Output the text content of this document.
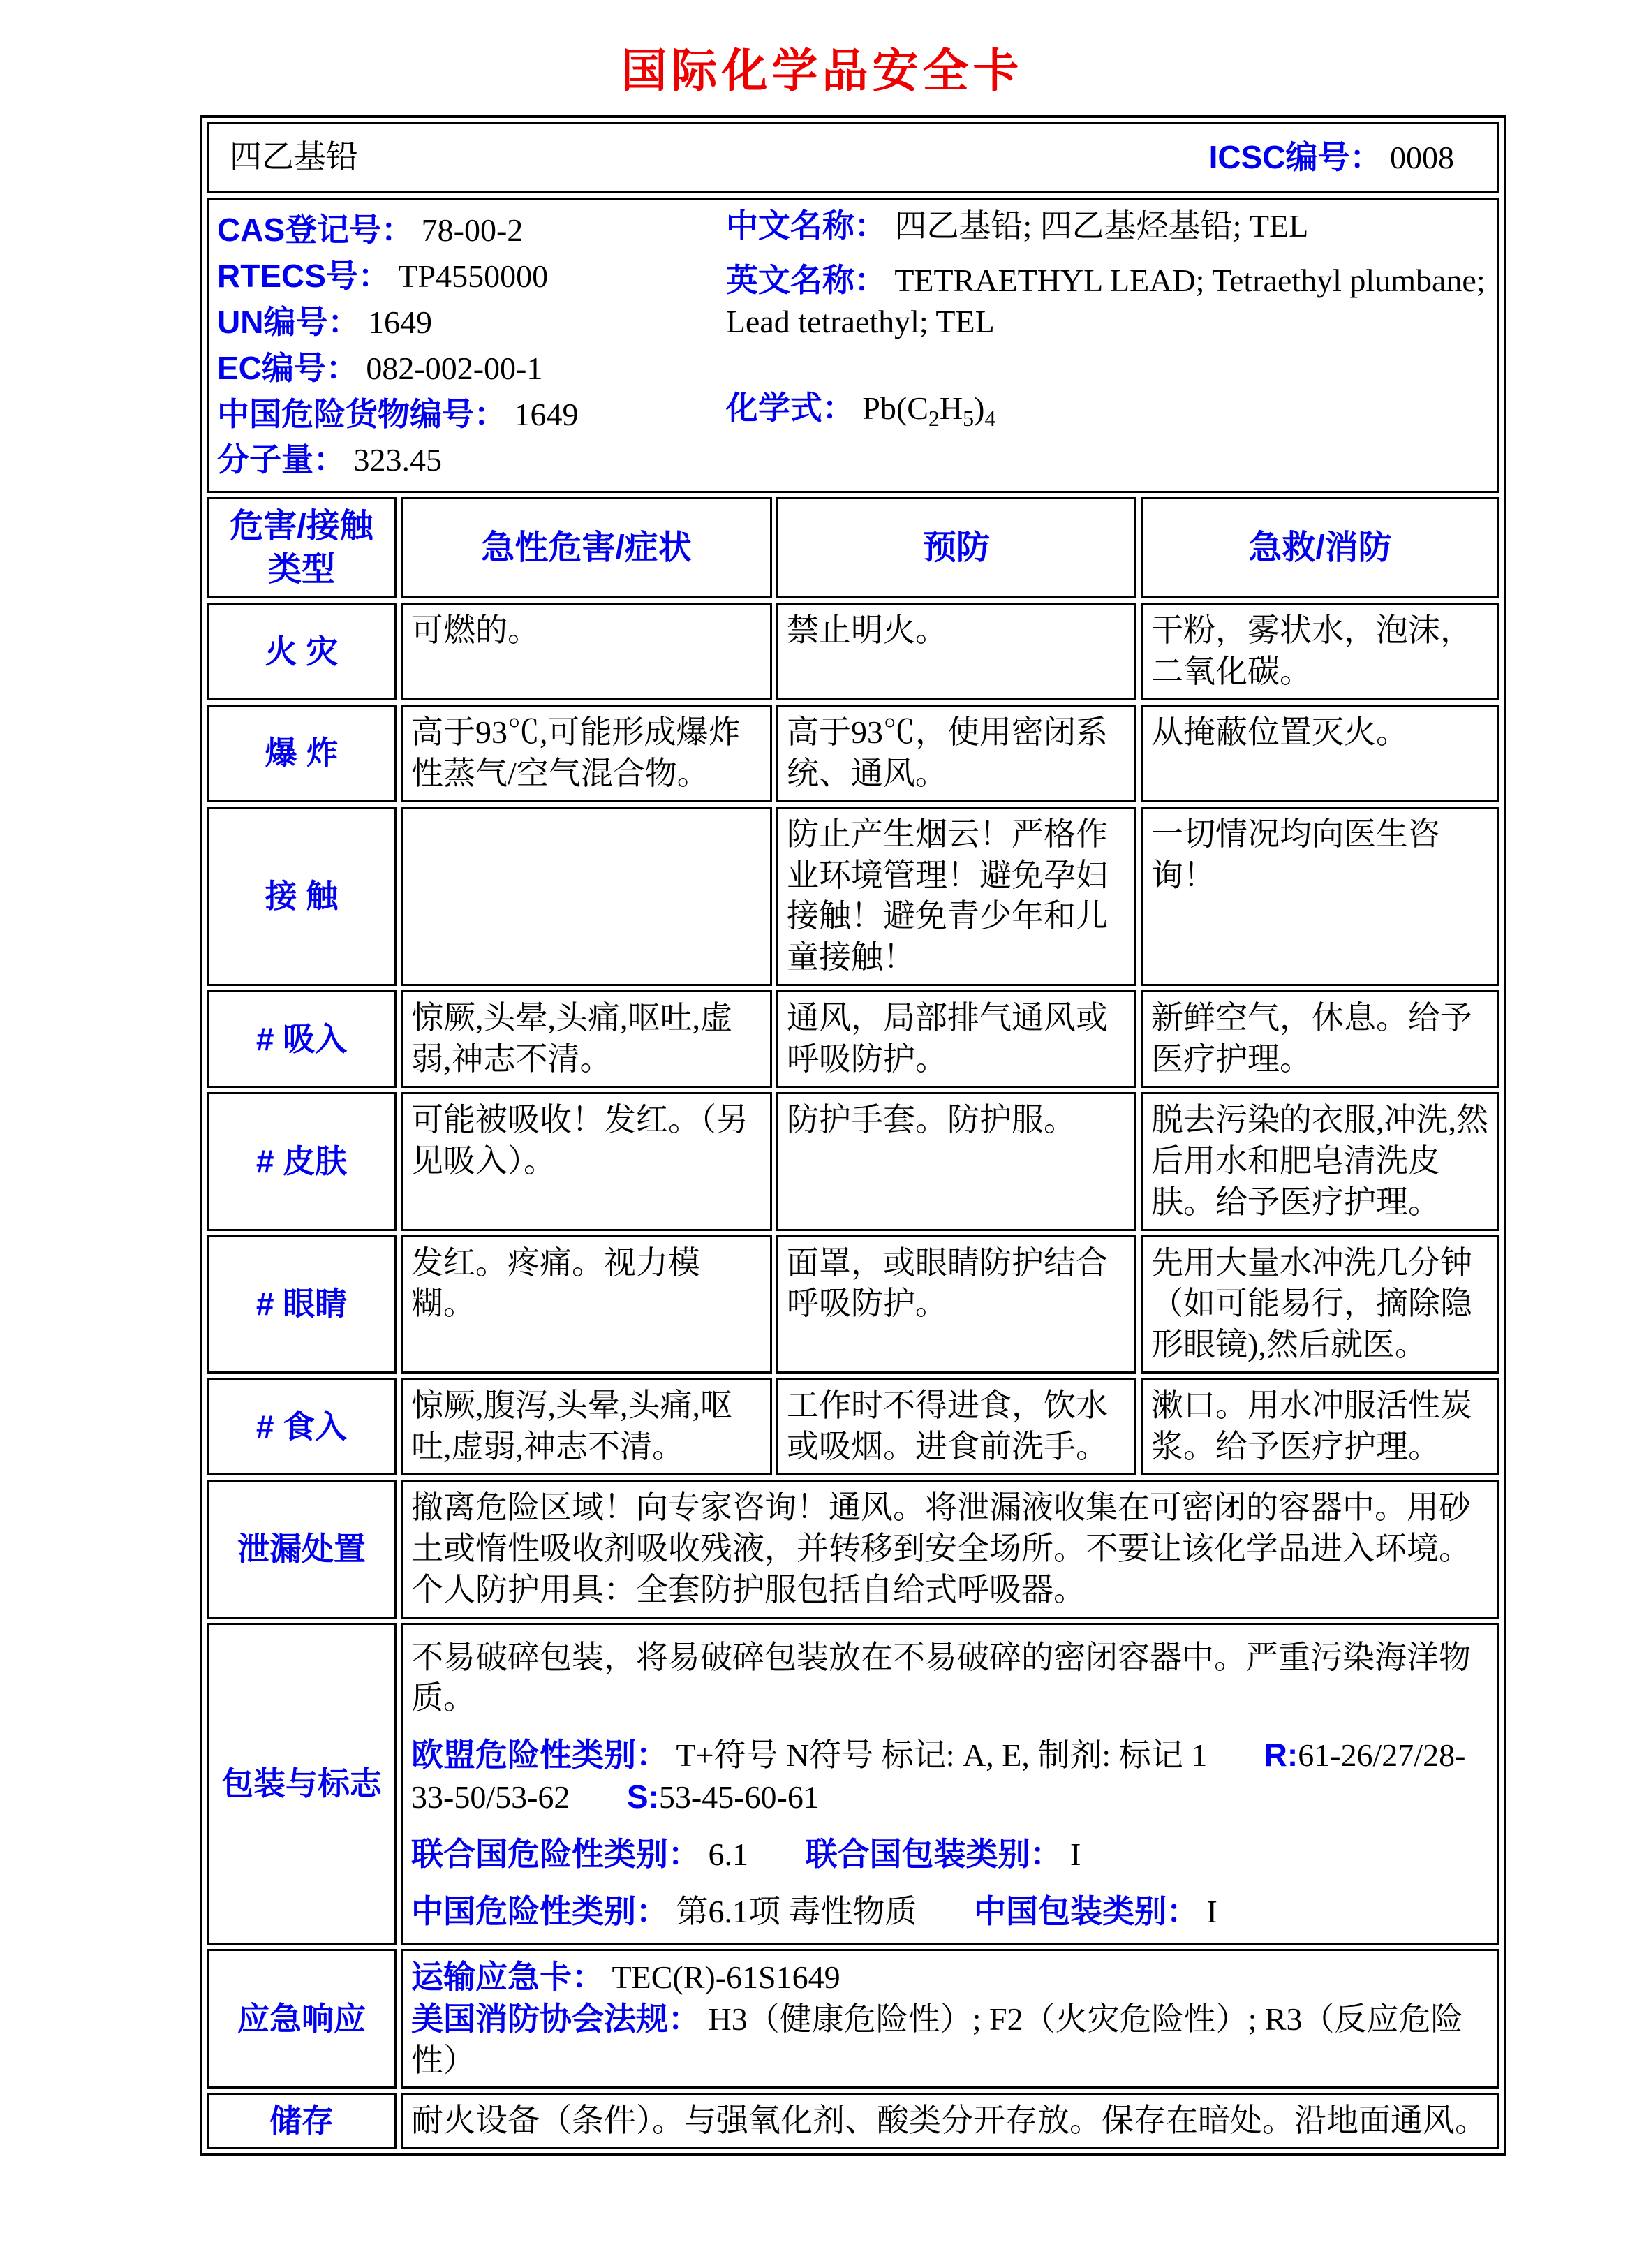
国际化学品安全卡
四乙基铅 ICSC编号： 0008			

CAS登记号： 78-00-2
RTECS号： TP4550000
UN编号： 1649
EC编号： 082-002-00-1
中国危险货物编号： 1649
分子量： 323.45
中文名称： 四乙基铅; 四乙基烃基铅; TEL
英文名称： TETRAETHYL LEAD; Tetraethyl plumbane; Lead tetraethyl; TEL
化学式： $Pb(C_2H_5)_4$

危害/接触
类型	急性危害/症状	预防	急救/消防
火 灾	可燃的。	禁止明火。	干粉，雾状水，泡沫，二氧化碳。
爆 炸	高于93℃,可能形成爆炸性蒸气/空气混合物。	高于93℃，使用密闭系统、通风。	从掩蔽位置灭火。
接 触		防止产生烟云！严格作业环境管理！避免孕妇接触！避免青少年和儿童接触！	一切情况均向医生咨询！
# 吸入	惊厥,头晕,头痛,呕吐,虚弱,神志不清。	通风，局部排气通风或呼吸防护。	新鲜空气，休息。给予医疗护理。
# 皮肤	可能被吸收！发红。（另见吸入）。	防护手套。防护服。	脱去污染的衣服,冲洗,然后用水和肥皂清洗皮肤。给予医疗护理。
# 眼睛	发红。疼痛。视力模糊。	面罩，或眼睛防护结合呼吸防护。	先用大量水冲洗几分钟（如可能易行，摘除隐形眼镜),然后就医。
# 食入	惊厥,腹泻,头晕,头痛,呕吐,虚弱,神志不清。	工作时不得进食，饮水或吸烟。进食前洗手。	漱口。用水冲服活性炭浆。给予医疗护理。
泄漏处置	撤离危险区域！向专家咨询！通风。将泄漏液收集在可密闭的容器中。用砂土或惰性吸收剂吸收残液，并转移到安全场所。不要让该化学品进入环境。个人防护用具：全套防护服包括自给式呼吸器。		
包装与标志	不易破碎包装，将易破碎包装放在不易破碎的密闭容器中。严重污染海洋物质。
欧盟危险性类别： T+符号 N符号 标记: A, E, 制剂: 标记 1 R:61-26/27/28-33-50/53-62 S:53-45-60-61
联合国危险性类别： 6.1 联合国包装类别： I
中国危险性类别： 第6.1项 毒性物质 中国包装类别： I		

应急响应	运输应急卡： TEC(R)-61S1649
美国消防协会法规： H3（健康危险性）; F2（火灾危险性）; R3（反应危险性）		

储存	耐火设备（条件）。与强氧化剂、酸类分开存放。保存在暗处。沿地面通风。		
